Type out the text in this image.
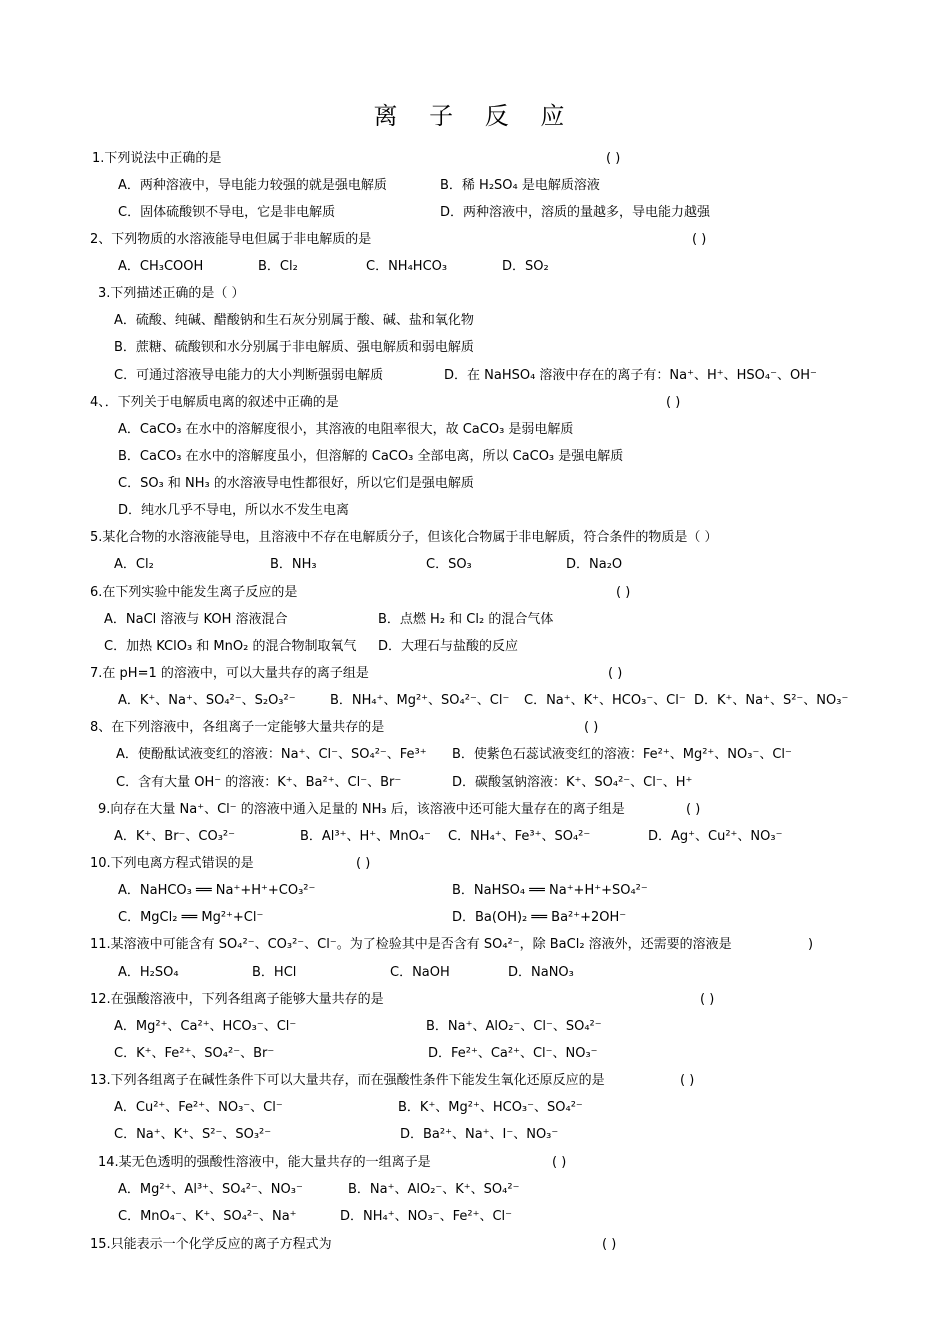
离 子 反 应
1.下列说法中正确的是	( )
A．两种溶液中，导电能力较强的就是强电解质	B．稀 H₂SO₄ 是电解质溶液
C．固体硫酸钡不导电，它是非电解质	D．两种溶液中，溶质的量越多，导电能力越强
2、下列物质的水溶液能导电但属于非电解质的是	( )
A．CH₃COOH	B．Cl₂	C．NH₄HCO₃	D．SO₂
3.下列描述正确的是（ ）
A．硫酸、纯碱、醋酸钠和生石灰分别属于酸、碱、盐和氧化物
B．蔗糖、硫酸钡和水分别属于非电解质、强电解质和弱电解质
C．可通过溶液导电能力的大小判断强弱电解质	D．在 NaHSO₄ 溶液中存在的离子有：Na⁺、H⁺、HSO₄⁻、OH⁻
4、．下列关于电解质电离的叙述中正确的是	( )
A．CaCO₃ 在水中的溶解度很小，其溶液的电阻率很大，故 CaCO₃ 是弱电解质
B．CaCO₃ 在水中的溶解度虽小，但溶解的 CaCO₃ 全部电离，所以 CaCO₃ 是强电解质
C．SO₃ 和 NH₃ 的水溶液导电性都很好，所以它们是强电解质
D．纯水几乎不导电，所以水不发生电离
5.某化合物的水溶液能导电，且溶液中不存在电解质分子，但该化合物属于非电解质，符合条件的物质是（ ）
A．Cl₂	B．NH₃	C．SO₃	D．Na₂O
6.在下列实验中能发生离子反应的是	( )
A．NaCl 溶液与 KOH 溶液混合	B．点燃 H₂ 和 Cl₂ 的混合气体
C．加热 KClO₃ 和 MnO₂ 的混合物制取氧气 D．大理石与盐酸的反应
7.在 pH=1 的溶液中，可以大量共存的离子组是	( )
A．K⁺、Na⁺、SO₄²⁻、S₂O₃²⁻	B．NH₄⁺、Mg²⁺、SO₄²⁻、Cl⁻ C．Na⁺、K⁺、HCO₃⁻、Cl⁻ D．K⁺、Na⁺、S²⁻、NO₃⁻
8、在下列溶液中，各组离子一定能够大量共存的是	( )
A．使酚酞试液变红的溶液：Na⁺、Cl⁻、SO₄²⁻、Fe³⁺ B．使紫色石蕊试液变红的溶液：Fe²⁺、Mg²⁺、NO₃⁻、Cl⁻
C．含有大量 OH⁻ 的溶液：K⁺、Ba²⁺、Cl⁻、Br⁻	D．碳酸氢钠溶液：K⁺、SO₄²⁻、Cl⁻、H⁺
9.向存在大量 Na⁺、Cl⁻ 的溶液中通入足量的 NH₃ 后，该溶液中还可能大量存在的离子组是	( )
A．K⁺、Br⁻、CO₃²⁻	B．Al³⁺、H⁺、MnO₄⁻ C．NH₄⁺、Fe³⁺、SO₄²⁻	D．Ag⁺、Cu²⁺、NO₃⁻
10.下列电离方程式错误的是	( )
A．NaHCO₃ ══ Na⁺+H⁺+CO₃²⁻	B．NaHSO₄ ══ Na⁺+H⁺+SO₄²⁻
C．MgCl₂ ══ Mg²⁺+Cl⁻	D．Ba(OH)₂ ══ Ba²⁺+2OH⁻
11.某溶液中可能含有 SO₄²⁻、CO₃²⁻、Cl⁻。为了检验其中是否含有 SO₄²⁻，除 BaCl₂ 溶液外，还需要的溶液是	)
A．H₂SO₄	B．HCl	C．NaOH	D．NaNO₃
12.在强酸溶液中，下列各组离子能够大量共存的是	( )
A．Mg²⁺、Ca²⁺、HCO₃⁻、Cl⁻	B．Na⁺、AlO₂⁻、Cl⁻、SO₄²⁻
C．K⁺、Fe²⁺、SO₄²⁻、Br⁻	D．Fe²⁺、Ca²⁺、Cl⁻、NO₃⁻
13.下列各组离子在碱性条件下可以大量共存，而在强酸性条件下能发生氧化还原反应的是	( )
A．Cu²⁺、Fe²⁺、NO₃⁻、Cl⁻	B．K⁺、Mg²⁺、HCO₃⁻、SO₄²⁻
C．Na⁺、K⁺、S²⁻、SO₃²⁻	D．Ba²⁺、Na⁺、I⁻、NO₃⁻
14.某无色透明的强酸性溶液中，能大量共存的一组离子是	( )
A．Mg²⁺、Al³⁺、SO₄²⁻、NO₃⁻	B．Na⁺、AlO₂⁻、K⁺、SO₄²⁻
C．MnO₄⁻、K⁺、SO₄²⁻、Na⁺	D．NH₄⁺、NO₃⁻、Fe²⁺、Cl⁻
15.只能表示一个化学反应的离子方程式为	( )
